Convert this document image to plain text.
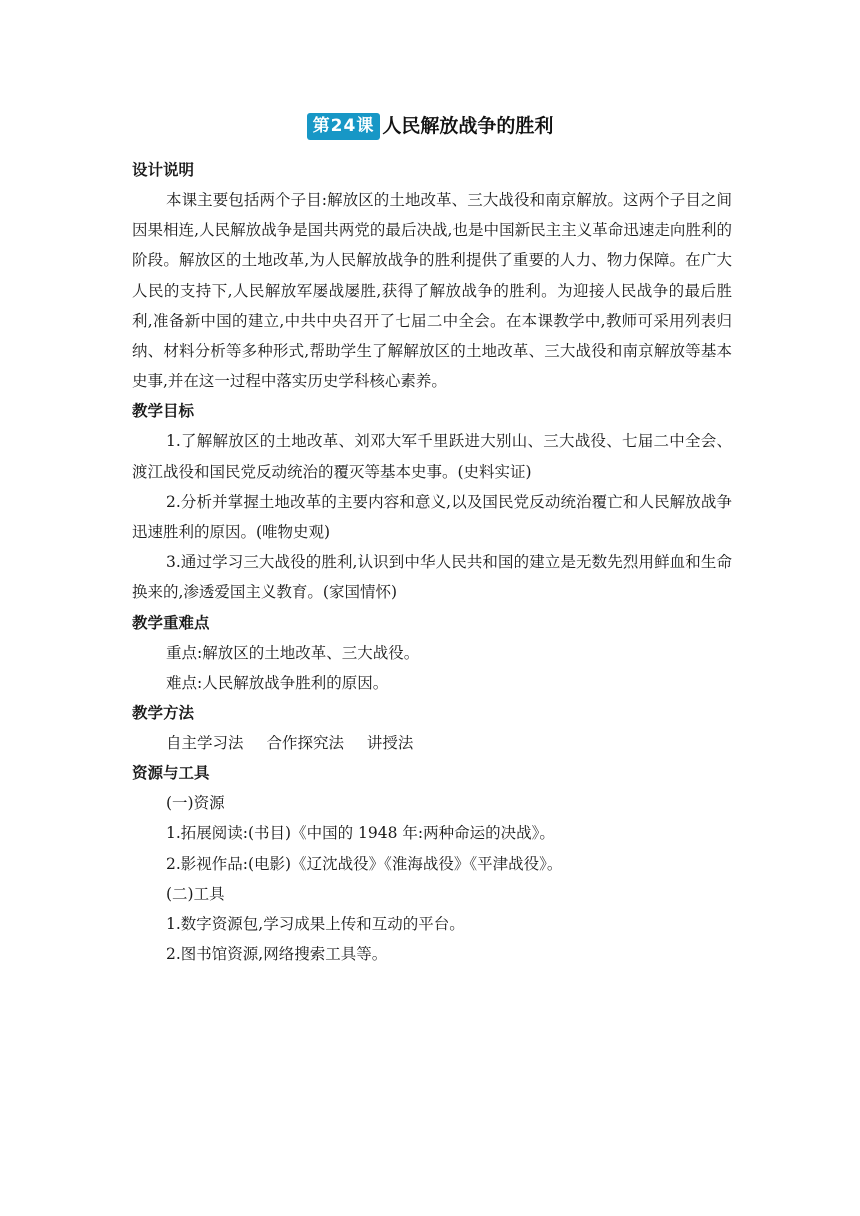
第24课 人民解放战争的胜利
设计说明

本课主要包括两个子目:解放区的土地改革、三大战役和南京解放。这两个子目之间因果相连,人民解放战争是国共两党的最后决战,也是中国新民主主义革命迅速走向胜利的阶段。解放区的土地改革,为人民解放战争的胜利提供了重要的人力、物力保障。在广大人民的支持下,人民解放军屡战屡胜,获得了解放战争的胜利。为迎接人民战争的最后胜利,准备新中国的建立,中共中央召开了七届二中全会。在本课教学中,教师可采用列表归纳、材料分析等多种形式,帮助学生了解解放区的土地改革、三大战役和南京解放等基本史事,并在这一过程中落实历史学科核心素养。

教学目标

1.了解解放区的土地改革、刘邓大军千里跃进大别山、三大战役、七届二中全会、渡江战役和国民党反动统治的覆灭等基本史事。(史料实证)

2.分析并掌握土地改革的主要内容和意义,以及国民党反动统治覆亡和人民解放战争迅速胜利的原因。(唯物史观)

3.通过学习三大战役的胜利,认识到中华人民共和国的建立是无数先烈用鲜血和生命换来的,渗透爱国主义教育。(家国情怀)

教学重难点

重点:解放区的土地改革、三大战役。

难点:人民解放战争胜利的原因。

教学方法

自主学习法 合作探究法 讲授法

资源与工具

(一)资源

1.拓展阅读:(书目)《中国的 1948 年:两种命运的决战》。

2.影视作品:(电影)《辽沈战役》《淮海战役》《平津战役》。

(二)工具

1.数字资源包,学习成果上传和互动的平台。

2.图书馆资源,网络搜索工具等。
